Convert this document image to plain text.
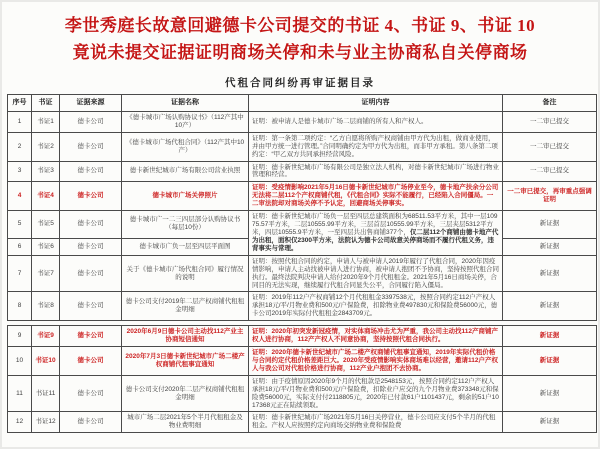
李世秀庭长故意回避德卡公司提交的书证 4、书证 9、书证 10
竟说未提交证据证明商场关停和未与业主协商私自关停商场
代租合同纠纷再审证据目录
序号	书证	证据来源	证据名称	证明内容	备注
1	书证1	德卡公司	《德卡城市广场认购协议书》（112产其中10产）	证明：被申请人是德卡城市广场二层商铺的所有人和产权人。	一二审已提交
2	书证2	德卡公司	《德卡城市广场代租合同》（112产其中10产）	证明：第一条第二项约定：“乙方自愿将所购产权商铺由甲方代为出租，做商业使用，并由甲方统一进行管理。”合同明确约定为甲方代为出租，而非甲方承租。第八条第二项约定：“甲乙双方共同承担经营风险。	一二审已提交
3	书证3	德卡公司	德卡新世纪城市广场有限公司营业执照	证明：德卡新世纪城市广场有限公司是独立法人机构，对德卡新世纪城市广场进行物业管理和经营。	一二审已提交
4	书证4	德卡公司	德卡城市广场关停照片	证明：受疫情影响2021年5月16日德卡新世纪城市广场停业至今，德卡地产扶余分公司无法将二层112个产权商铺代租，《代租合同》实际不能履行，已经陷入合同僵局。一二审法院却对商场关停不予认定，回避商场关停事实。	一二审已提交，再审重点强调证明
5	书证5	德卡公司	德卡城市广一二三四层部分认购协议书（每层10份）	证明：德卡新世纪城市广场负一层至四层总建筑面积为68511.53平方米，其中一层10975.57平方米，二层10555.99平方米，三层首层10555.99平方米，三层夹层5312平方米，四层10555.9平方米，一至四层共出售商铺377个，仅二层112个商铺由德卡地产代为出租，面积仅2300平方米，法院认为德卡公司故意关停商场而不履行代租义务，违背事实与常理。	新证据
6	书证6	德卡公司	德卡城市广负一层至四层平面图		新证据
7	书证7	德卡公司	关于《德卡城市广场代租合同》履行情况的说明	证明：按照代租合同的约定，申请人与被申请人2019年履行了代租合同，2020年因疫情影响，申请人主动找被申请人进行协商，被申请人抱团不予协商，坚持按照代租合同执行。最终法院判决申请人给付2020年9个月代租租金。2021年5月16日商场关停，合同目的无法实现，继续履行代租合同显失公平，合同履行陷入僵局。	新证据
8	书证8	德卡公司	德卡公司支付2019年二层产权商铺代租租金明细	证明：2019年112户产权商铺12个月代租租金3397538元，按照合同约定112户产权人承担18元/平/月物业费和500元/户保险费，扣除物业费497830元和保险费56000元，德卡公司2019年实际付代租租金2843709元。	新证据
9	书证9	德卡公司	2020年6月9日德卡公司主动找112产业主协商短信通知	证明：2020年初突发新冠疫情，对实体商场冲击尤为严重，我公司主动找112产商铺产权人进行协商，112产产权人不同意协商，坚持按照代租合同执行。	新证据
10	书证10	德卡公司	2020年7月3日德卡新世纪城市广场二楼产权商铺代租事宜通知	证明：2020年德卡新世纪城市广场二楼产权商铺代租事宜通知，2019年实际代租价格与合同约定代租价格差距巨大。2020年受疫情影响实体商场难以经营，邀请112户产权人与我公司对代租价格进行协商，112产业户抱团不去协商。	新证据
11	书证11	德卡公司	德卡公司支付2020年二层产权商铺代租租金明细	证明：由于疫情原因2020年9个月的代租款是2548153元，按照合同约定112户产权人承担18元/平/月物业费和500元/户保险费，扣除业户应交的九个月物业费373348元和保险费56000元，实际支付付2118805元，2020年已付款61户1101437元，剩余的51户1017368元正在陆续领取。	新证据
12	书证12	德卡公司	城市广场二层2021年5个半月代租租金及物业费明细	证明：德卡新世纪城市广场2021年5月16日关停营业，德卡公司应支付5个半月的代租租金。产权人应按照约定向商场交纳物业费和保险费	新证据
